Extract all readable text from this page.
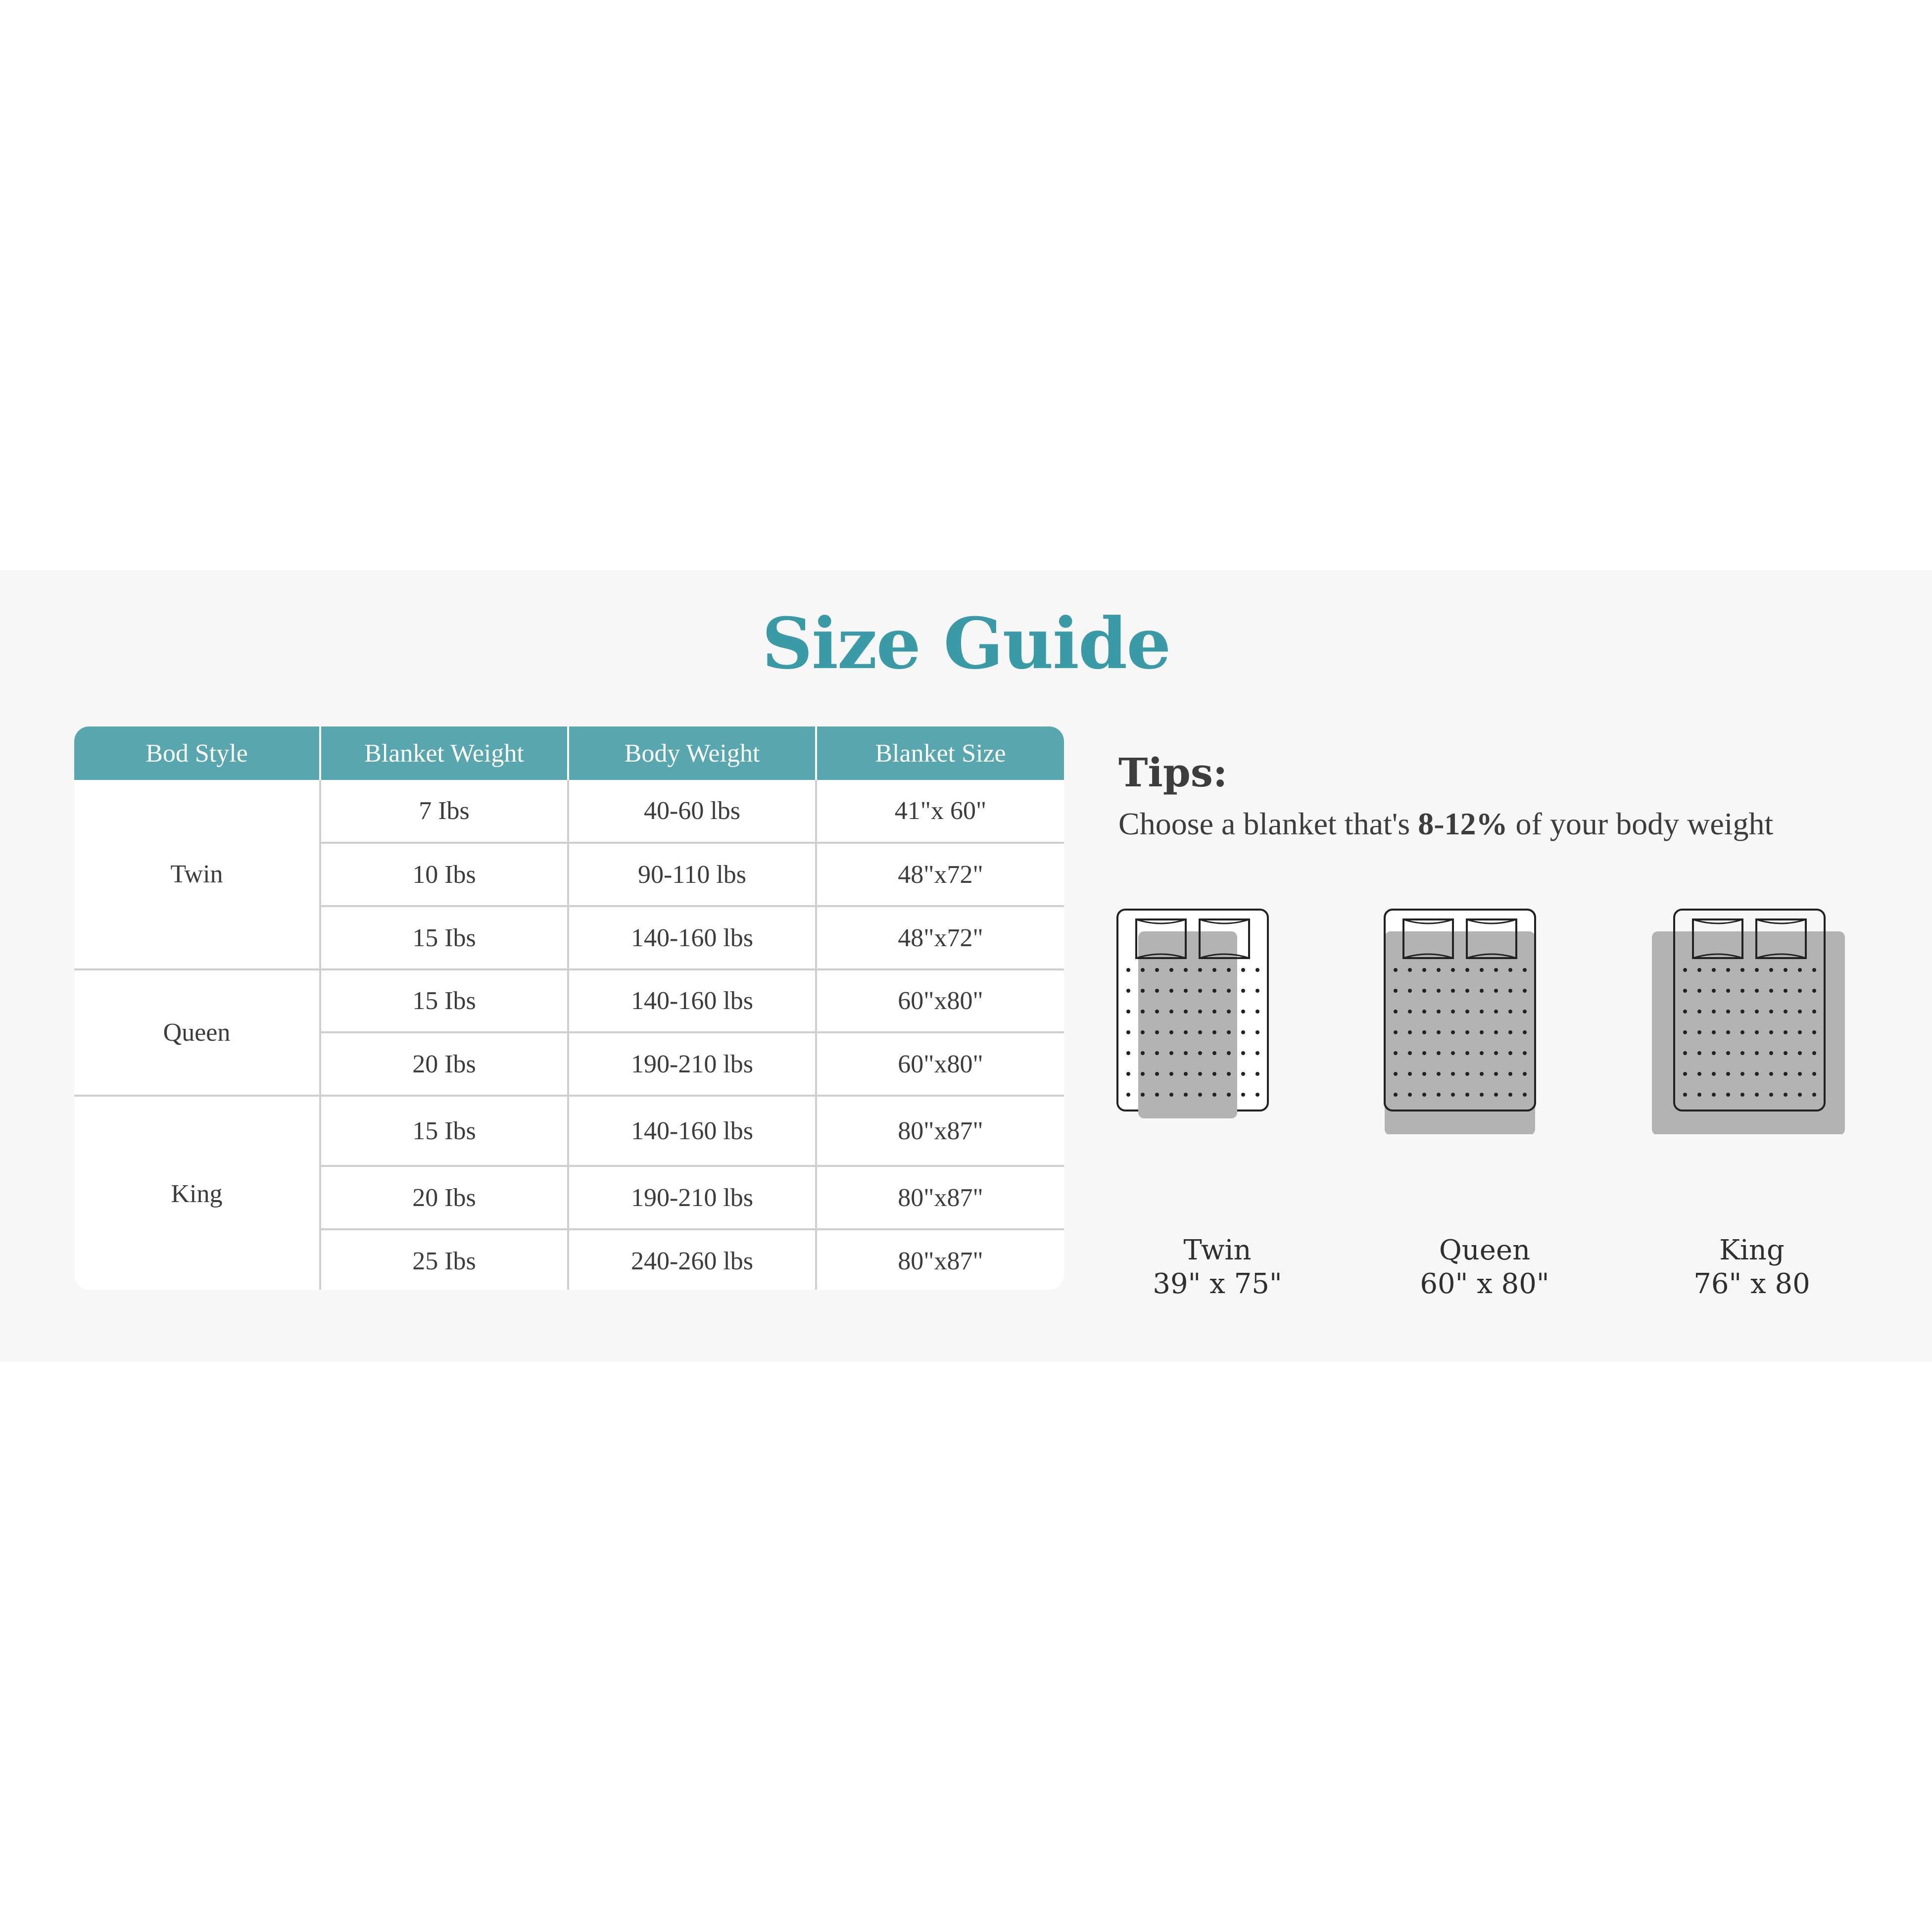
Size Guide
Bod Style	Blanket Weight	Body Weight	Blanket Size
Twin	7 Ibs	40-60 lbs	41"x 60"
	10 Ibs	90-110 lbs	48"x72"
	15 Ibs	140-160 lbs	48"x72"
Queen	15 Ibs	140-160 lbs	60"x80"
	20 Ibs	190-210 lbs	60"x80"
King	15 Ibs	140-160 lbs	80"x87"
	20 Ibs	190-210 lbs	80"x87"
	25 Ibs	240-260 lbs	80"x87"
Tips:
Choose a blanket that's 8-12% of your body weight
Twin
39" x 75"
Queen
60" x 80"
King
76" x 80
